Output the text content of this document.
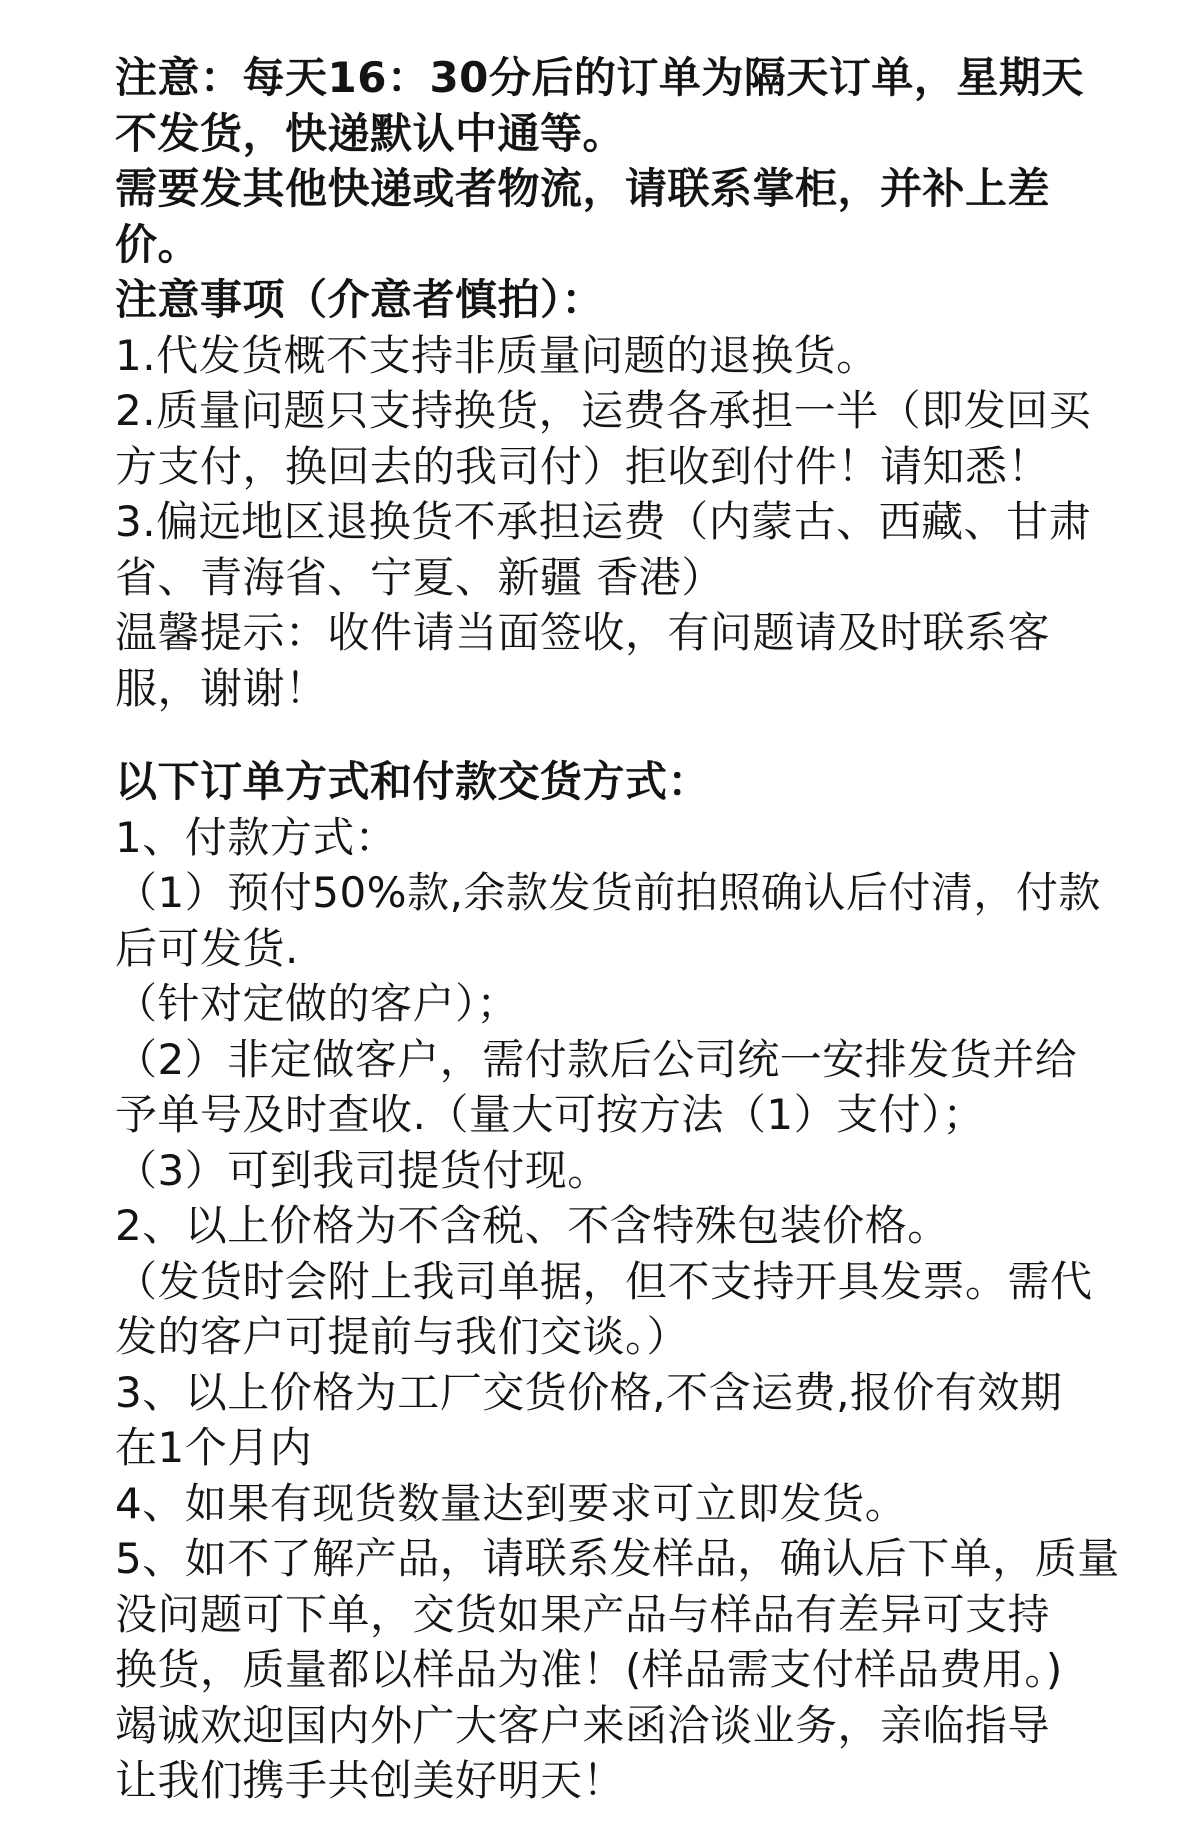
注意：每天16：30分后的订单为隔天订单，星期天
不发货，快递默认中通等。
需要发其他快递或者物流，请联系掌柜，并补上差
价。
注意事项（介意者慎拍）：
1.代发货概不支持非质量问题的退换货。
2.质量问题只支持换货，运费各承担一半（即发回买
方支付，换回去的我司付）拒收到付件！请知悉！
3.偏远地区退换货不承担运费（内蒙古、西藏、甘肃
省、青海省、宁夏、新疆 香港）
温馨提示：收件请当面签收，有问题请及时联系客
服，谢谢！
以下订单方式和付款交货方式：
1、付款方式：
（1）预付50%款,余款发货前拍照确认后付清，付款
后可发货.
（针对定做的客户）；
（2）非定做客户，需付款后公司统一安排发货并给
予单号及时查收.（量大可按方法（1）支付）；
（3）可到我司提货付现。
2、以上价格为不含税、不含特殊包装价格。
（发货时会附上我司单据，但不支持开具发票。需代
发的客户可提前与我们交谈。）
3、以上价格为工厂交货价格,不含运费,报价有效期
在1个月内
4、如果有现货数量达到要求可立即发货。
5、如不了解产品，请联系发样品，确认后下单，质量
没问题可下单，交货如果产品与样品有差异可支持
换货，质量都以样品为准！(样品需支付样品费用。)
竭诚欢迎国内外广大客户来函洽谈业务，亲临指导
让我们携手共创美好明天！
